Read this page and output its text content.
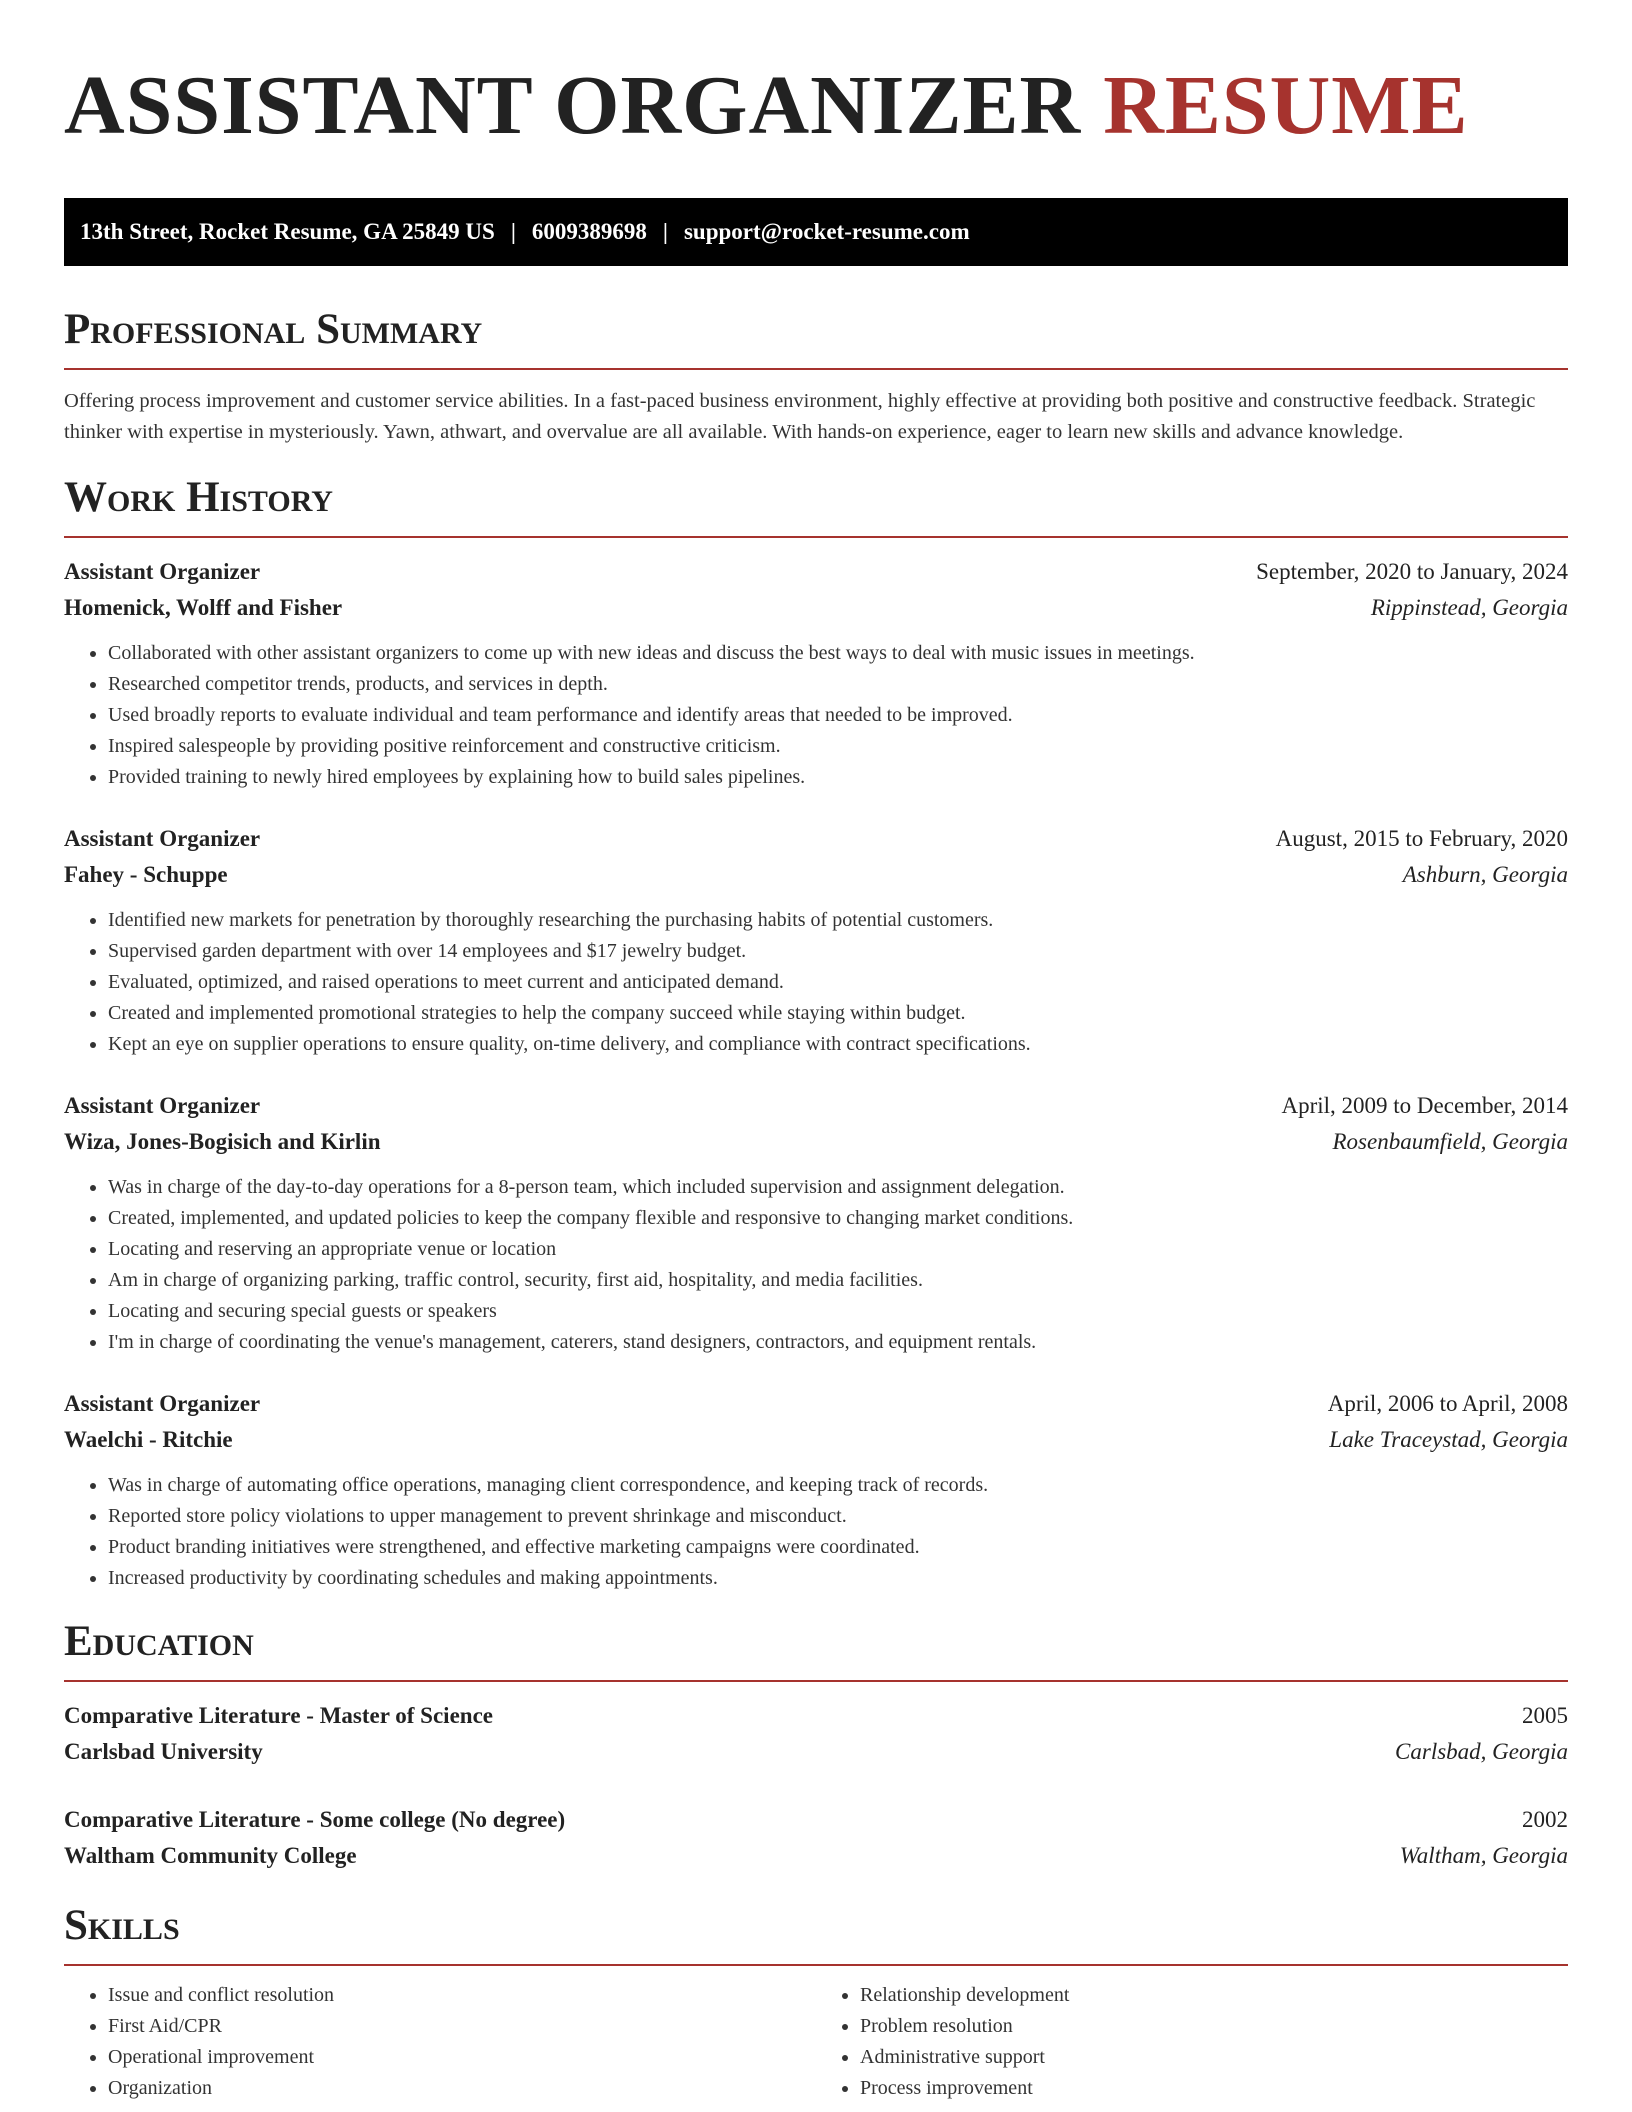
ASSISTANT ORGANIZER RESUME
13th Street, Rocket Resume, GA 25849 US | 6009389698 | support@rocket-resume.com
Professional Summary

Offering process improvement and customer service abilities. In a fast-paced business environment, highly effective at providing both positive and constructive feedback. Strategic thinker with expertise in mysteriously. Yawn, athwart, and overvalue are all available. With hands-on experience, eager to learn new skills and advance knowledge.

Work History
Assistant Organizer	September, 2020 to January, 2024
Homenick, Wolff and Fisher	Rippinstead, Georgia
• Collaborated with other assistant organizers to come up with new ideas and discuss the best ways to deal with music issues in meetings.
• Researched competitor trends, products, and services in depth.
• Used broadly reports to evaluate individual and team performance and identify areas that needed to be improved.
• Inspired salespeople by providing positive reinforcement and constructive criticism.
• Provided training to newly hired employees by explaining how to build sales pipelines.
Assistant Organizer	August, 2015 to February, 2020
Fahey - Schuppe	Ashburn, Georgia
• Identified new markets for penetration by thoroughly researching the purchasing habits of potential customers.
• Supervised garden department with over 14 employees and $17 jewelry budget.
• Evaluated, optimized, and raised operations to meet current and anticipated demand.
• Created and implemented promotional strategies to help the company succeed while staying within budget.
• Kept an eye on supplier operations to ensure quality, on-time delivery, and compliance with contract specifications.
Assistant Organizer	April, 2009 to December, 2014
Wiza, Jones-Bogisich and Kirlin	Rosenbaumfield, Georgia
• Was in charge of the day-to-day operations for a 8-person team, which included supervision and assignment delegation.
• Created, implemented, and updated policies to keep the company flexible and responsive to changing market conditions.
• Locating and reserving an appropriate venue or location
• Am in charge of organizing parking, traffic control, security, first aid, hospitality, and media facilities.
• Locating and securing special guests or speakers
• I'm in charge of coordinating the venue's management, caterers, stand designers, contractors, and equipment rentals.
Assistant Organizer	April, 2006 to April, 2008
Waelchi - Ritchie	Lake Traceystad, Georgia
• Was in charge of automating office operations, managing client correspondence, and keeping track of records.
• Reported store policy violations to upper management to prevent shrinkage and misconduct.
• Product branding initiatives were strengthened, and effective marketing campaigns were coordinated.
• Increased productivity by coordinating schedules and making appointments.
Education
Comparative Literature - Master of Science	2005
Carlsbad University	Carlsbad, Georgia
Comparative Literature - Some college (No degree)	2002
Waltham Community College	Waltham, Georgia
Skills
• Issue and conflict resolution
• First Aid/CPR
• Operational improvement
• Organization
• Relationship development
• Problem resolution
• Administrative support
• Process improvement
